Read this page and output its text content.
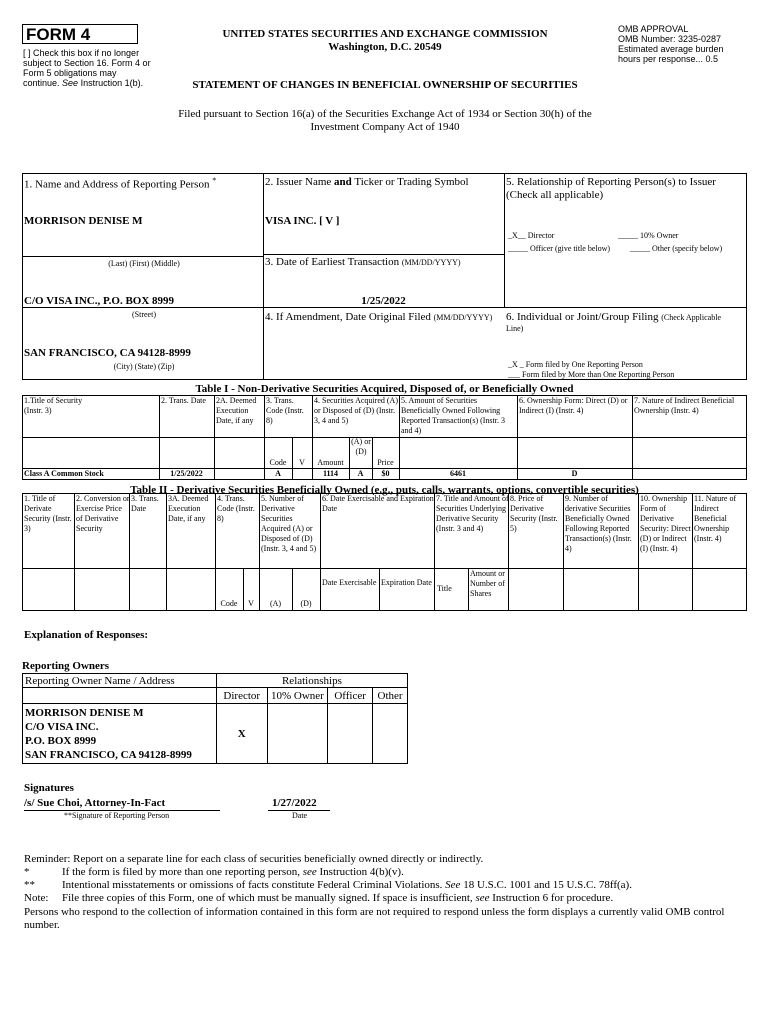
FORM 4
[ ] Check this box if no longer subject to Section 16. Form 4 or Form 5 obligations may continue. See Instruction 1(b).
UNITED STATES SECURITIES AND EXCHANGE COMMISSION
Washington, D.C. 20549
STATEMENT OF CHANGES IN BENEFICIAL OWNERSHIP OF SECURITIES
OMB APPROVAL
OMB Number: 3235-0287
Estimated average burden
hours per response... 0.5
Filed pursuant to Section 16(a) of the Securities Exchange Act of 1934 or Section 30(h) of the
Investment Company Act of 1940
1. Name and Address of Reporting Person *
MORRISON DENISE M
(Last) (First) (Middle)
C/O VISA INC., P.O. BOX 8999
(Street)
SAN FRANCISCO, CA 94128-8999
(City) (State) (Zip)
2. Issuer Name and Ticker or Trading Symbol
VISA INC. [ V ]
3. Date of Earliest Transaction (MM/DD/YYYY)
1/25/2022
4. If Amendment, Date Original Filed (MM/DD/YYYY)
5. Relationship of Reporting Person(s) to Issuer
(Check all applicable)
_X__ Director	_____ 10% Owner
_____ Officer (give title below) _____ Other (specify below)
6. Individual or Joint/Group Filing (Check Applicable
Line)
_X _ Form filed by One Reporting Person
___ Form filed by More than One Reporting Person
Table I - Non-Derivative Securities Acquired, Disposed of, or Beneficially Owned
1.Title of Security (Instr. 3)
2. Trans. Date	2A. Deemed Execution Date, if any
3. Trans. Code (Instr. 8)
4. Securities Acquired (A) or Disposed of (D) (Instr. 3, 4 and 5)
5. Amount of Securities Beneficially Owned Following Reported Transaction(s) (Instr. 3 and 4)
6. Ownership Form: Direct (D) or Indirect (I) (Instr. 4)
7. Nature of Indirect Beneficial Ownership (Instr. 4)
Code	V	Amount
(A) or (D)
Price
Class A Common Stock	1/25/2022	A	1114	A	$0	6461	D
Table II - Derivative Securities Beneficially Owned (e.g., puts, calls, warrants, options, convertible securities)
1. Title of Derivate Security (Instr. 3)
2. Conversion or Exercise Price of Derivative Security
3. Trans. Date
3A. Deemed Execution Date, if any
4. Trans. Code (Instr. 8)
5. Number of Derivative Securities Acquired (A) or Disposed of (D) (Instr. 3, 4 and 5)
6. Date Exercisable and Expiration Date
7. Title and Amount of Securities Underlying Derivative Security (Instr. 3 and 4)
8. Price of Derivative Security (Instr. 5)
9. Number of derivative Securities Beneficially Owned Following Reported Transaction(s) (Instr. 4)
10. Ownership Form of Derivative Security: Direct (D) or Indirect (I) (Instr. 4)
11. Nature of Indirect Beneficial Ownership (Instr. 4)
Code	V	(A)	(D)
Date Exercisable Expiration Date
Title
Amount or Number of Shares
Explanation of Responses:
Reporting Owners
Reporting Owner Name / Address	Relationships			
	Director	10% Owner	Officer	Other

MORRISON DENISE M
C/O VISA INC.
P.O. BOX 8999
SAN FRANCISCO, CA 94128-8999	X			
Signatures
/s/ Sue Choi, Attorney-In-Fact	1/27/2022
**Signature of Reporting Person	Date
Reminder: Report on a separate line for each class of securities beneficially owned directly or indirectly.
*	If the form is filed by more than one reporting person, see Instruction 4(b)(v).
** Intentional misstatements or omissions of facts constitute Federal Criminal Violations. See 18 U.S.C. 1001 and 15 U.S.C. 78ff(a).
Note: File three copies of this Form, one of which must be manually signed. If space is insufficient, see Instruction 6 for procedure.
Persons who respond to the collection of information contained in this form are not required to respond unless the form displays a currently valid OMB control number.
